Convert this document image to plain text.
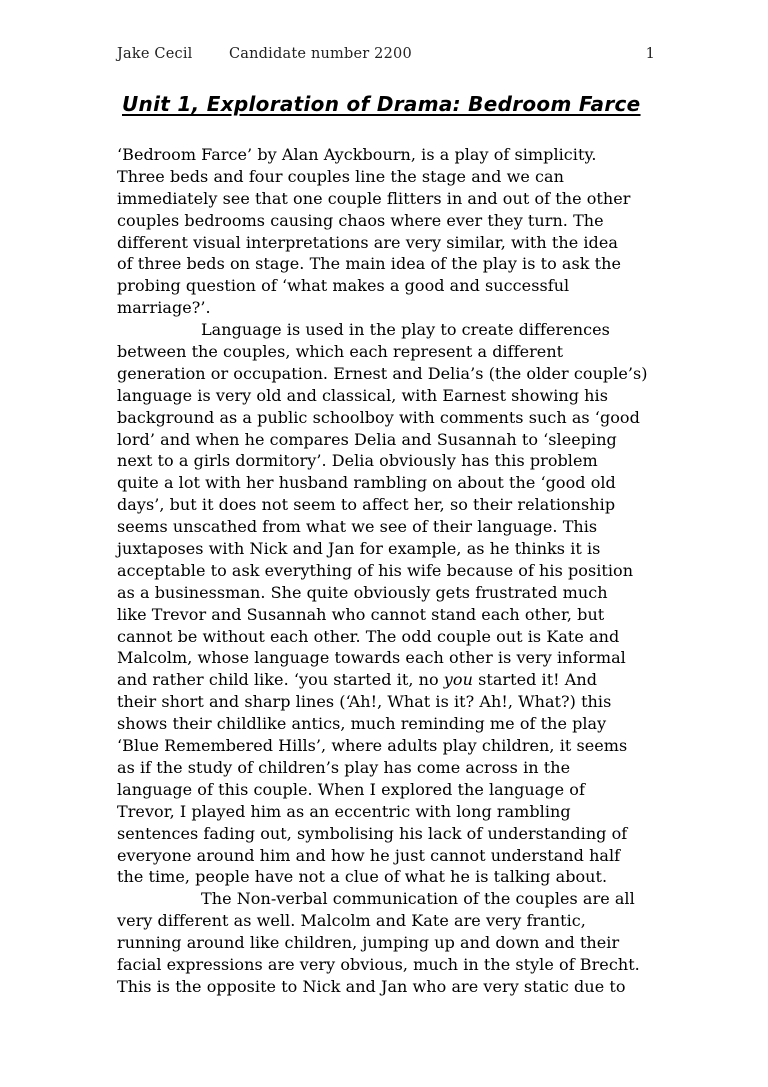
Jake Cecil	Candidate number 2200	1
Unit 1, Exploration of Drama: Bedroom Farce
‘Bedroom Farce’ by Alan Ayckbourn, is a play of simplicity.
Three beds and four couples line the stage and we can
immediately see that one couple flitters in and out of the other
couples bedrooms causing chaos where ever they turn. The
different visual interpretations are very similar, with the idea
of three beds on stage. The main idea of the play is to ask the
probing question of ‘what makes a good and successful
marriage?’.
Language is used in the play to create differences
between the couples, which each represent a different
generation or occupation. Ernest and Delia’s (the older couple’s)
language is very old and classical, with Earnest showing his
background as a public schoolboy with comments such as ‘good
lord’ and when he compares Delia and Susannah to ‘sleeping
next to a girls dormitory’. Delia obviously has this problem
quite a lot with her husband rambling on about the ‘good old
days’, but it does not seem to affect her, so their relationship
seems unscathed from what we see of their language. This
juxtaposes with Nick and Jan for example, as he thinks it is
acceptable to ask everything of his wife because of his position
as a businessman. She quite obviously gets frustrated much
like Trevor and Susannah who cannot stand each other, but
cannot be without each other. The odd couple out is Kate and
Malcolm, whose language towards each other is very informal
and rather child like. ‘you started it, no you started it! And
their short and sharp lines (‘Ah!, What is it? Ah!, What?) this
shows their childlike antics, much reminding me of the play
‘Blue Remembered Hills’, where adults play children, it seems
as if the study of children’s play has come across in the
language of this couple. When I explored the language of
Trevor, I played him as an eccentric with long rambling
sentences fading out, symbolising his lack of understanding of
everyone around him and how he just cannot understand half
the time, people have not a clue of what he is talking about.
The Non-verbal communication of the couples are all
very different as well. Malcolm and Kate are very frantic,
running around like children, jumping up and down and their
facial expressions are very obvious, much in the style of Brecht.
This is the opposite to Nick and Jan who are very static due to
